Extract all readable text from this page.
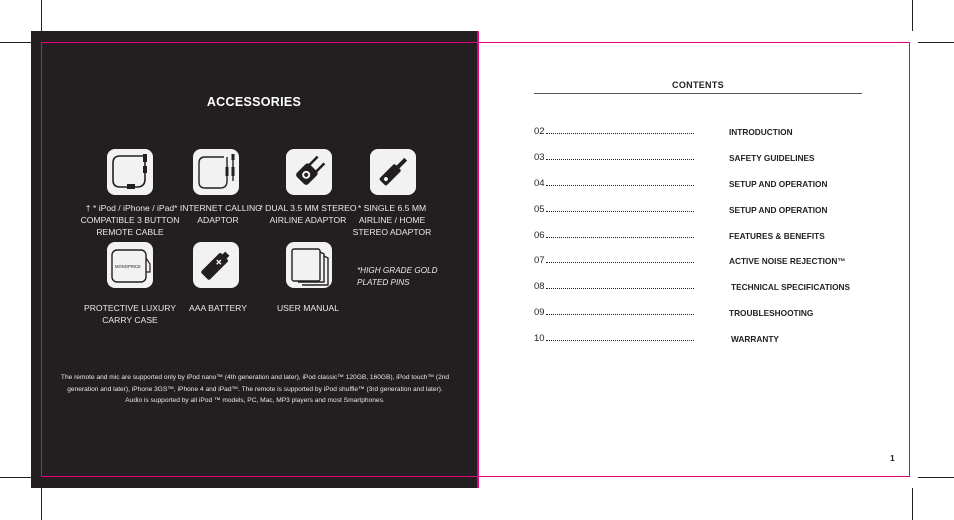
ACCESSORIES
† * iPod / iPhone / iPad
COMPATIBLE 3 BUTTON
REMOTE CABLE
* INTERNET CALLING
ADAPTOR
* DUAL 3.5 MM STEREO
AIRLINE ADAPTOR
* SINGLE 6.5 MM
AIRLINE / HOME
STEREO ADAPTOR
MONOPRICE	*HIGH GRADE GOLD
PLATED PINS
PROTECTIVE LUXURY
CARRY CASE
AAA BATTERY	USER MANUAL
The remote and mic are supported only by iPod nano™ (4th generation and later), iPod classic™ 120GB, 160GB), iPod touch™ (2nd generation and later), iPhone 3GS™, iPhone 4 and iPad™. The remote is supported by iPod shuffle™ (3rd generation and later). Audio is supported by all iPod ™ models, PC, Mac, MP3 players and most Smartphones.
CONTENTS
02	INTRODUCTION
03	SAFETY GUIDELINES
04	SETUP AND OPERATION
05	SETUP AND OPERATION
06	FEATURES & BENEFITS
07	ACTIVE NOISE REJECTION™
08	TECHNICAL SPECIFICATIONS
09	TROUBLESHOOTING
10	WARRANTY
1
